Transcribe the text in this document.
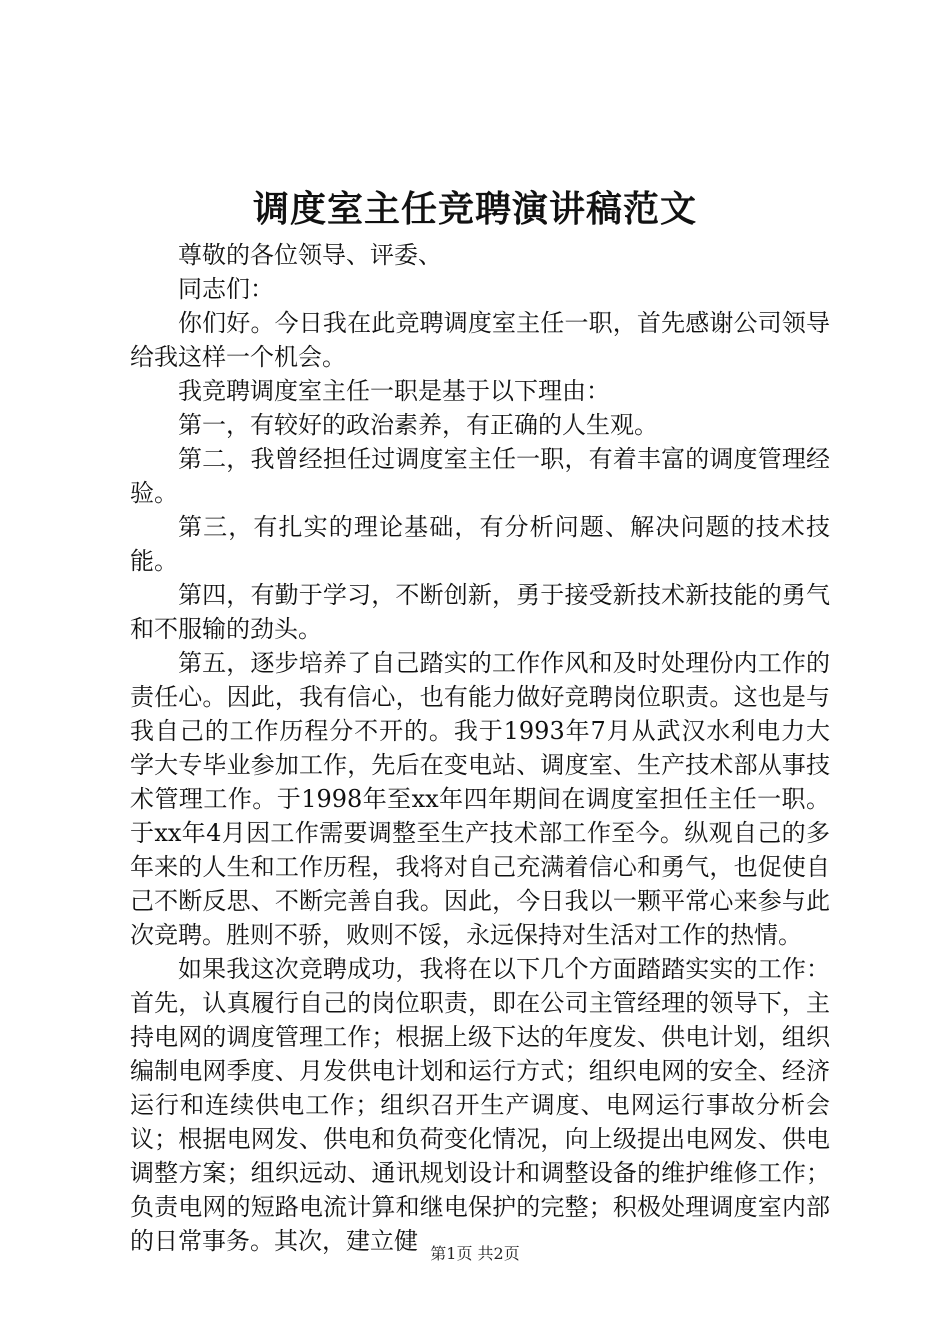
调度室主任竞聘演讲稿范文

尊敬的各位领导、评委、

同志们：

你们好。今日我在此竞聘调度室主任一职，首先感谢公司领导给我这样一个机会。

我竞聘调度室主任一职是基于以下理由：

第一，有较好的政治素养，有正确的人生观。

第二，我曾经担任过调度室主任一职，有着丰富的调度管理经验。

第三，有扎实的理论基础，有分析问题、解决问题的技术技能。

第四，有勤于学习，不断创新，勇于接受新技术新技能的勇气和不服输的劲头。

第五，逐步培养了自己踏实的工作作风和及时处理份内工作的责任心。因此，我有信心，也有能力做好竞聘岗位职责。这也是与我自己的工作历程分不开的。我于1993年7月从武汉水利电力大学大专毕业参加工作，先后在变电站、调度室、生产技术部从事技术管理工作。于1998年至xx年四年期间在调度室担任主任一职。于xx年4月因工作需要调整至生产技术部工作至今。纵观自己的多年来的人生和工作历程，我将对自己充满着信心和勇气，也促使自己不断反思、不断完善自我。因此，今日我以一颗平常心来参与此次竞聘。胜则不骄，败则不馁，永远保持对生活对工作的热情。

如果我这次竞聘成功，我将在以下几个方面踏踏实实的工作：首先，认真履行自己的岗位职责，即在公司主管经理的领导下，主持电网的调度管理工作；根据上级下达的年度发、供电计划，组织编制电网季度、月发供电计划和运行方式；组织电网的安全、经济运行和连续供电工作；组织召开生产调度、电网运行事故分析会议；根据电网发、供电和负荷变化情况，向上级提出电网发、供电调整方案；组织远动、通讯规划设计和调整设备的维护维修工作；负责电网的短路电流计算和继电保护的完整；积极处理调度室内部的日常事务。其次，建立健 第1页 共2页
